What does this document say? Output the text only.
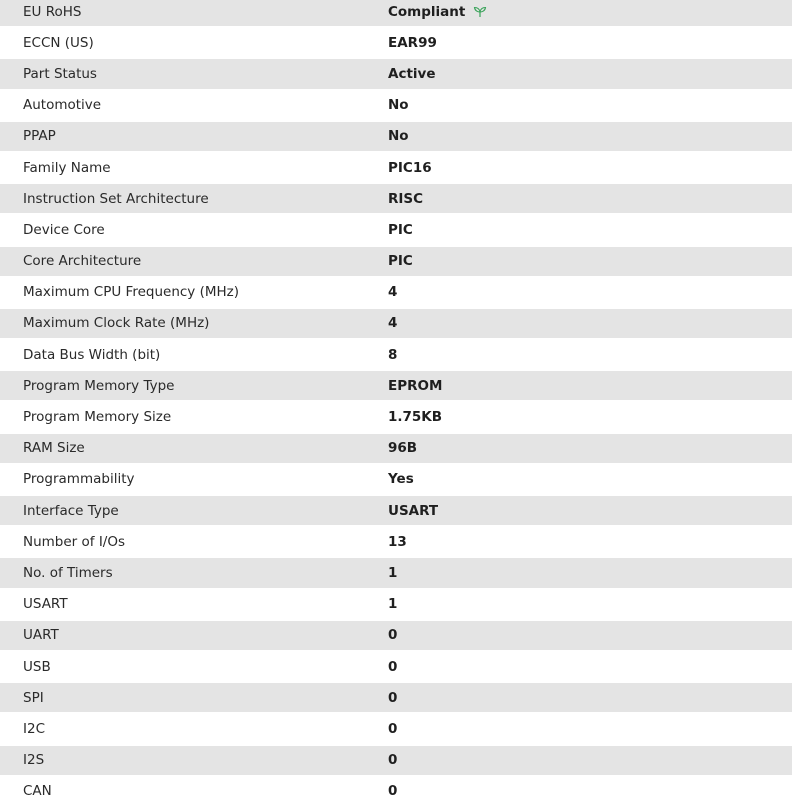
EU RoHS	Compliant
ECCN (US)	EAR99
Part Status	Active
Automotive	No
PPAP	No
Family Name	PIC16
Instruction Set Architecture	RISC
Device Core	PIC
Core Architecture	PIC
Maximum CPU Frequency (MHz)	4
Maximum Clock Rate (MHz)	4
Data Bus Width (bit)	8
Program Memory Type	EPROM
Program Memory Size	1.75KB
RAM Size	96B
Programmability	Yes
Interface Type	USART
Number of I/Os	13
No. of Timers	1
USART	1
UART	0
USB	0
SPI	0
I2C	0
I2S	0
CAN	0
